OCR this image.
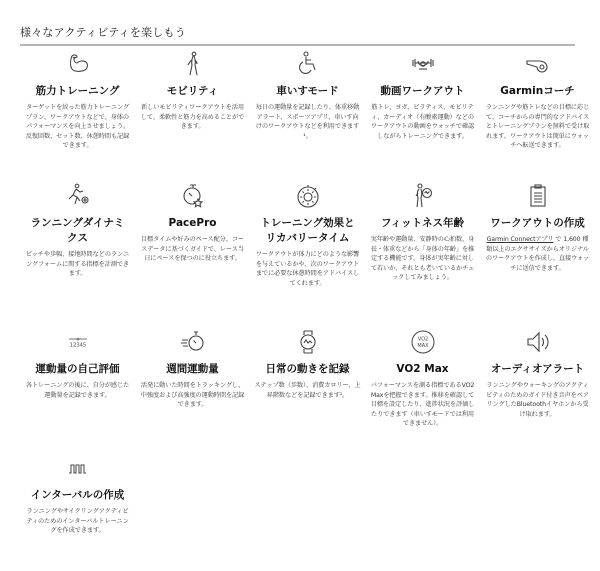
様々なアクティビティを楽しもう
筋力トレーニング
ターゲットを絞った筋力トレーニングプラン、ワークアウトなどで、身体のパフォーマンスを向上させましょう。反復回数、セット数、休憩時間も記録できます。
モビリティ
新しいモビリティワークアウトを活用して、柔軟性と筋力を高めることができます。
車いすモード
毎日の運動量を記録したり、体重移動アラート、スポーツアプリ、車いす向けのワークアウトなどを利用できます¹。
動画ワークアウト
筋トレ、ヨガ、ピラティス、モビリティ、カーディオ（有酸素運動）などのワークアウトの動画をウォッチで確認しながらトレーニングできます。
Garminコーチ
ランニングや筋トレなどの目標に応じて、コーチからの専門的なアドバイスとトレーニングプランを無料で受け取れます。ワークアウトは簡単にウォッチへ転送できます。
ランニングダイナミクス
ピッチや歩幅、接地時間などのランニングフォームに関する指標を計測できます。
PacePro
目標タイムや好みのペース配分、コースデータに基づくガイドで、レース当日にペースを保つのに役立ちます。
トレーニング効果とリカバリータイム
ワークアウトが体力にどのような影響を与えているかや、次のワークアウトまでに必要な休憩時間をアドバイスしてくれます。
フィットネス年齢
実年齢や運動量、安静時の心拍数、身長・体重などから「身体の年齢」を推定する機能です。身体が実年齢に対して若いか、それとも老いているかチェックしてみましょう。
ワークアウトの作成
Garmin Connectアプリ で 1,600 種類以上のエクササイズからオリジナルのワークアウトを作成し、直接ウォッチに送信できます。
12345
運動量の自己評価
各トレーニングの後に、自分が感じた運動量を記録できます。
週間運動量
活発に動いた時間をトラッキングし、中強度および高強度の運動時間を記録できます。
日常の動きを記録
ステップ数（歩数）、消費カロリー、上昇階数などを記録できます¹。
VO2
MAX
VO2 Max
パフォーマンスを測る指標であるVO2 Maxを把握できます。推移を確認して目標を設定したり、進捗状況を評価したりできます（車いすモードでは利用できません）。
オーディオアラート
ランニングやウォーキングのアクティビティのためのガイド付き音声をペアリングしたBluetoothイヤホンから受け取れます。
インターバルの作成
ランニングやサイクリングアクティビティのためのインターバルトレーニングを作成できます。
